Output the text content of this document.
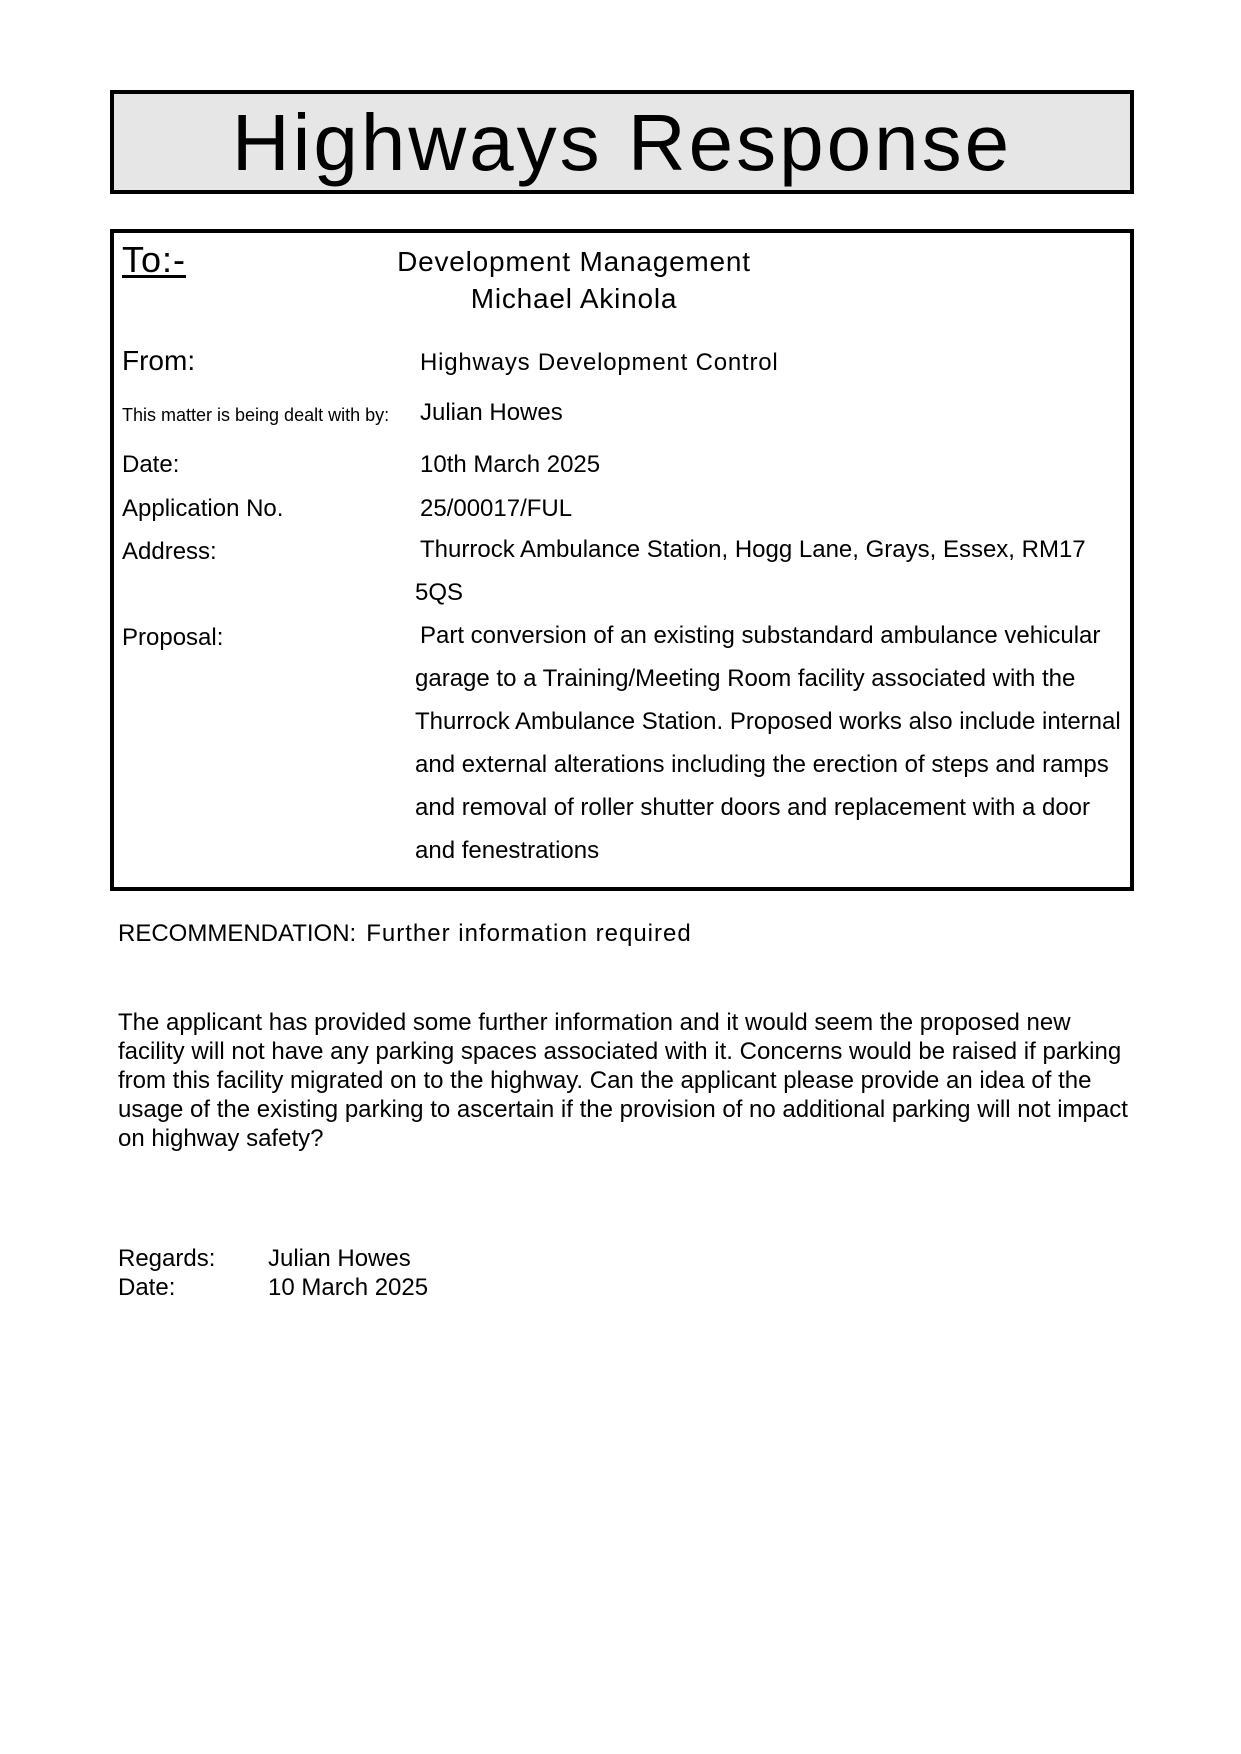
Highways Response
To:-	Development Management
Michael Akinola
From:	Highways Development Control
This matter is being dealt with by: Julian Howes
Date:	10th March 2025
Application No.	25/00017/FUL
Address:	Thurrock Ambulance Station, Hogg Lane, Grays, Essex, RM17 5QS
Proposal:	Part conversion of an existing substandard ambulance vehicular garage to a Training/Meeting Room facility associated with the Thurrock Ambulance Station. Proposed works also include internal and external alterations including the erection of steps and ramps and removal of roller shutter doors and replacement with a door and fenestrations
RECOMMENDATION: Further information required
The applicant has provided some further information and it would seem the proposed new facility will not have any parking spaces associated with it. Concerns would be raised if parking from this facility migrated on to the highway. Can the applicant please provide an idea of the usage of the existing parking to ascertain if the provision of no additional parking will not impact on highway safety?
Regards: Julian Howes
Date:	10 March 2025
